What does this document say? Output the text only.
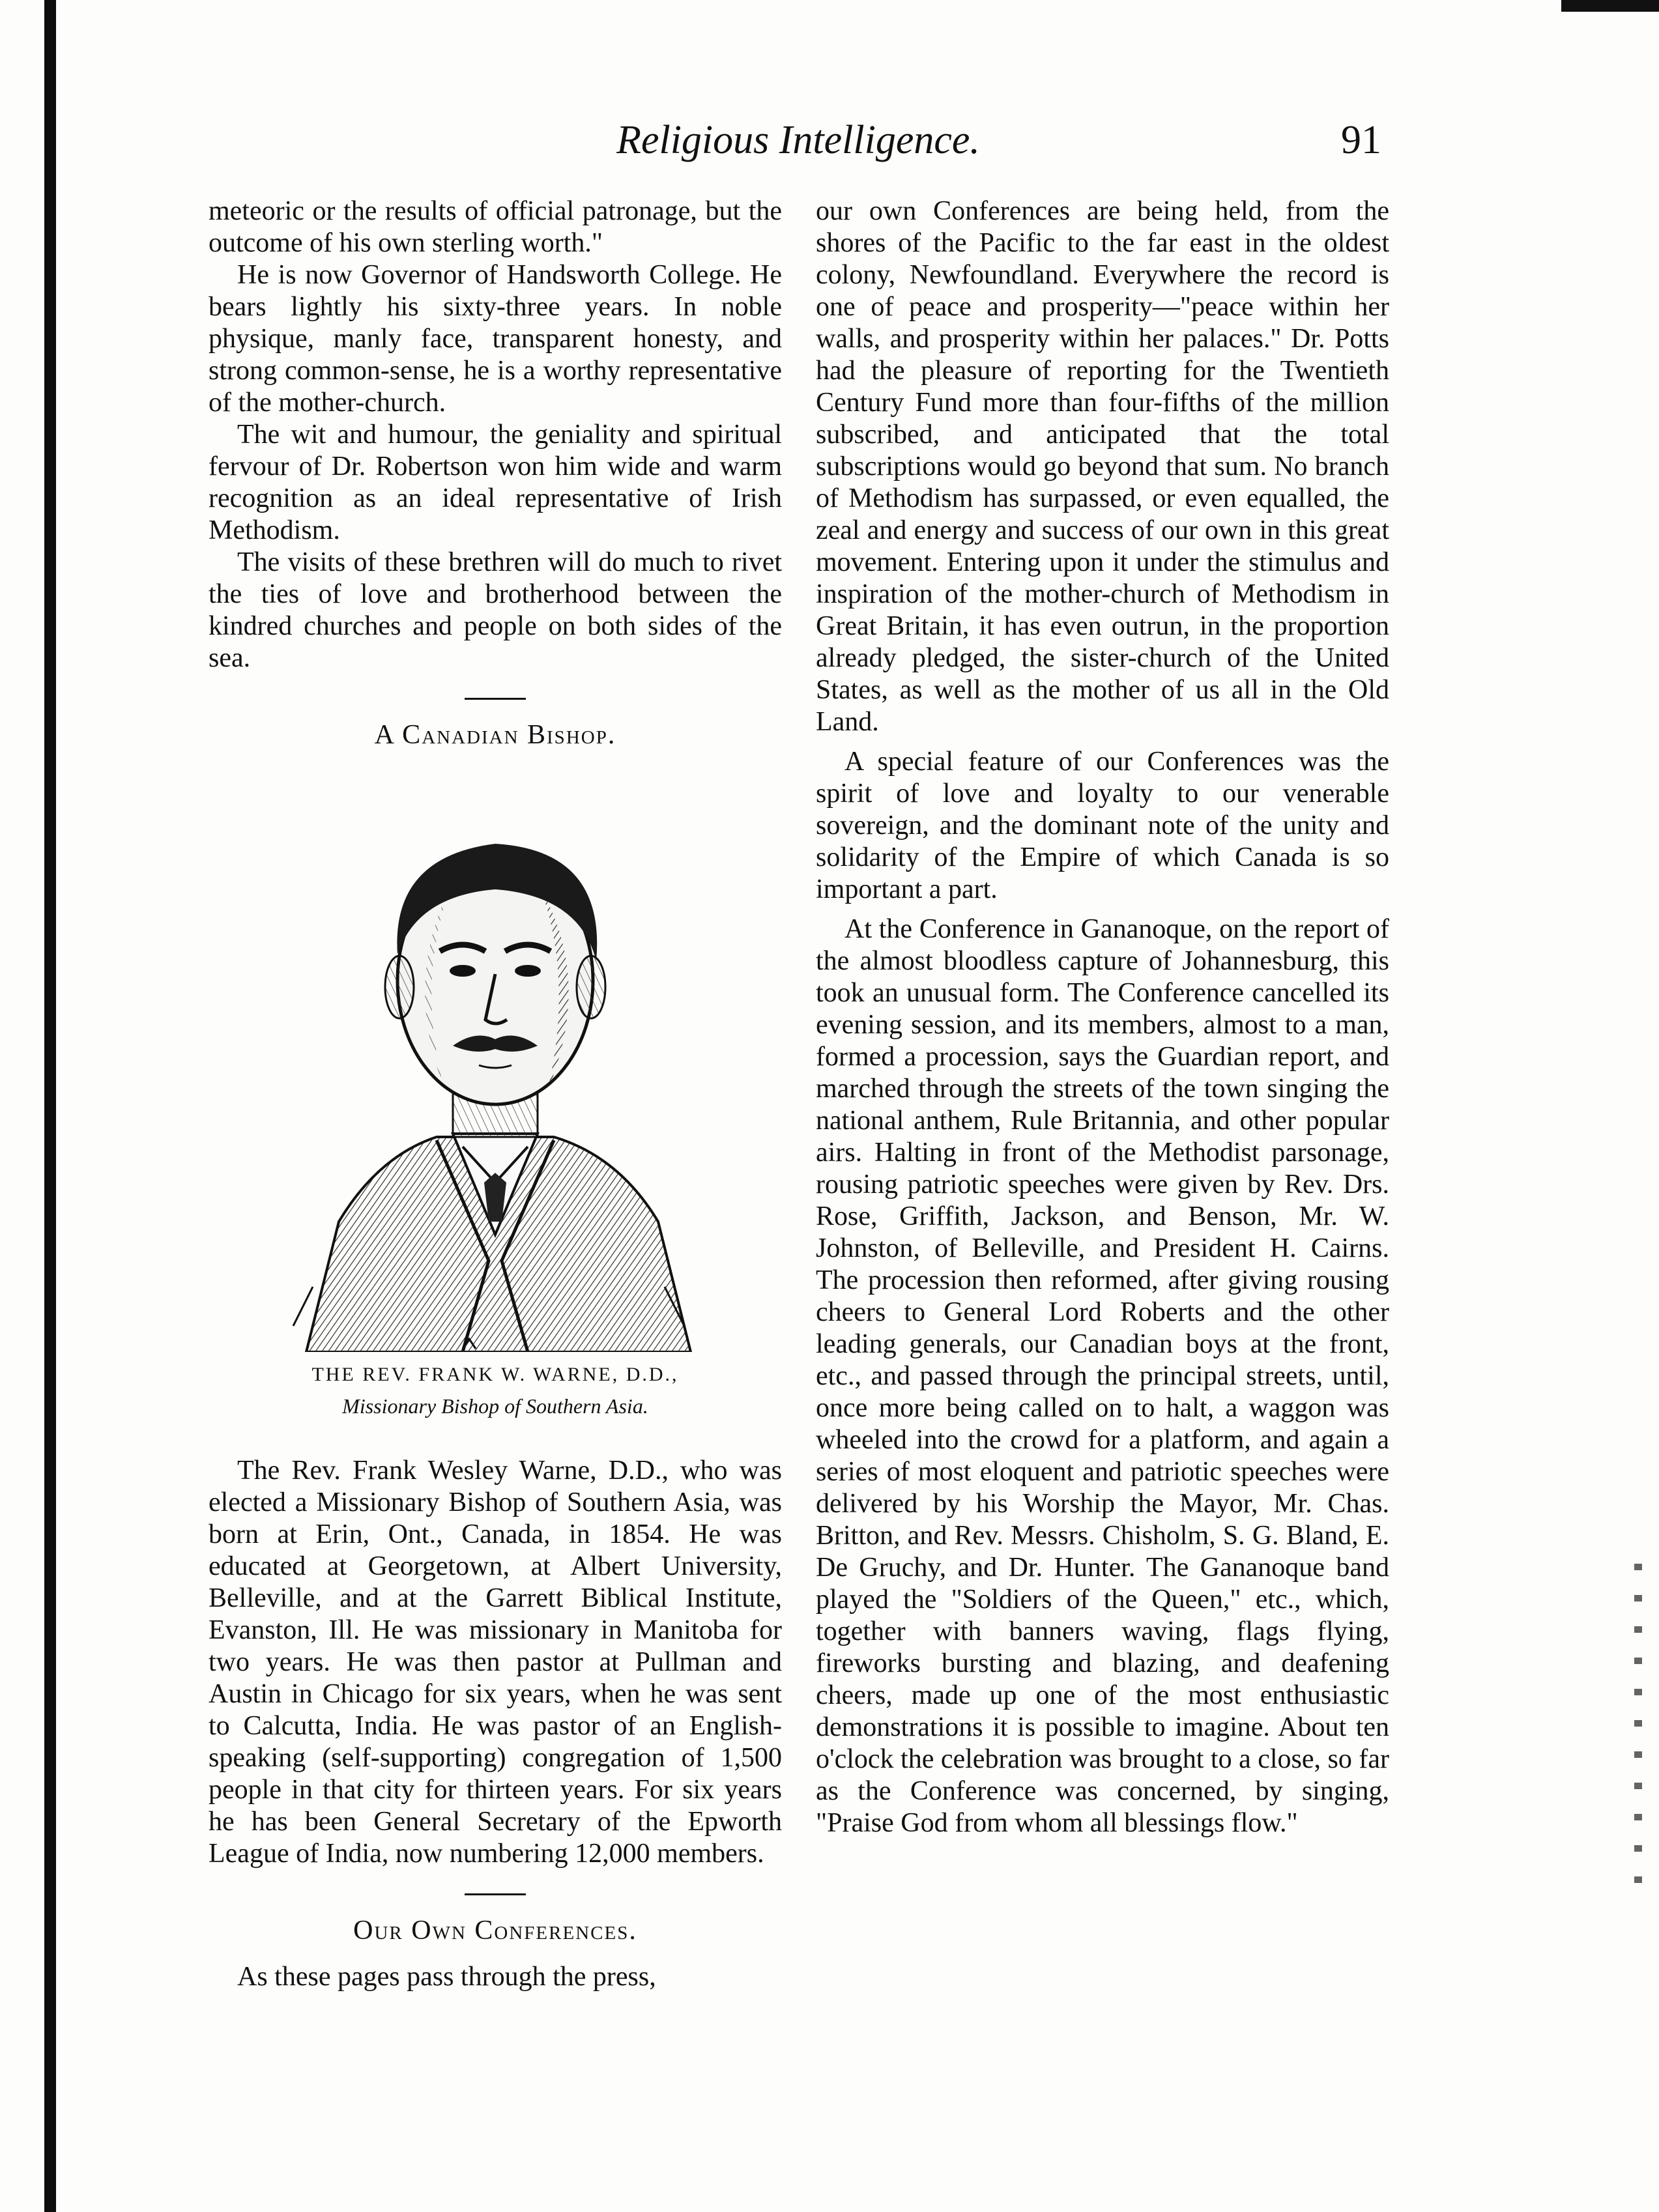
Religious Intelligence.	91

meteoric or the results of official patronage, but the outcome of his own sterling worth."

He is now Governor of Handsworth College. He bears lightly his sixty-three years. In noble physique, manly face, transparent honesty, and strong common-sense, he is a worthy representative of the mother-church.

The wit and humour, the geniality and spiritual fervour of Dr. Robertson won him wide and warm recognition as an ideal representative of Irish Methodism.

The visits of these brethren will do much to rivet the ties of love and brotherhood between the kindred churches and people on both sides of the sea.

A Canadian Bishop.
THE REV. FRANK W. WARNE, D.D.,
Missionary Bishop of Southern Asia.

The Rev. Frank Wesley Warne, D.D., who was elected a Missionary Bishop of Southern Asia, was born at Erin, Ont., Canada, in 1854. He was educated at Georgetown, at Albert University, Belleville, and at the Garrett Biblical Institute, Evanston, Ill. He was missionary in Manitoba for two years. He was then pastor at Pullman and Austin in Chicago for six years, when he was sent to Calcutta, India. He was pastor of an English-speaking (self-supporting) congregation of 1,500 people in that city for thirteen years. For six years he has been General Secretary of the Epworth League of India, now numbering 12,000 members.

Our Own Conferences.

As these pages pass through the press,

our own Conferences are being held, from the shores of the Pacific to the far east in the oldest colony, Newfoundland. Everywhere the record is one of peace and prosperity—"peace within her walls, and prosperity within her palaces." Dr. Potts had the pleasure of reporting for the Twentieth Century Fund more than four-fifths of the million subscribed, and anticipated that the total subscriptions would go beyond that sum. No branch of Methodism has surpassed, or even equalled, the zeal and energy and success of our own in this great movement. Entering upon it under the stimulus and inspiration of the mother-church of Methodism in Great Britain, it has even outrun, in the proportion already pledged, the sister-church of the United States, as well as the mother of us all in the Old Land.

A special feature of our Conferences was the spirit of love and loyalty to our venerable sovereign, and the dominant note of the unity and solidarity of the Empire of which Canada is so important a part.

At the Conference in Gananoque, on the report of the almost bloodless capture of Johannesburg, this took an unusual form. The Conference cancelled its evening session, and its members, almost to a man, formed a procession, says the Guardian report, and marched through the streets of the town singing the national anthem, Rule Britannia, and other popular airs. Halting in front of the Methodist parsonage, rousing patriotic speeches were given by Rev. Drs. Rose, Griffith, Jackson, and Benson, Mr. W. Johnston, of Belleville, and President H. Cairns. The procession then reformed, after giving rousing cheers to General Lord Roberts and the other leading generals, our Canadian boys at the front, etc., and passed through the principal streets, until, once more being called on to halt, a waggon was wheeled into the crowd for a platform, and again a series of most eloquent and patriotic speeches were delivered by his Worship the Mayor, Mr. Chas. Britton, and Rev. Messrs. Chisholm, S. G. Bland, E. De Gruchy, and Dr. Hunter. The Gananoque band played the "Soldiers of the Queen," etc., which, together with banners waving, flags flying, fireworks bursting and blazing, and deafening cheers, made up one of the most enthusiastic demonstrations it is possible to imagine. About ten o'clock the celebration was brought to a close, so far as the Conference was concerned, by singing, "Praise God from whom all blessings flow."
